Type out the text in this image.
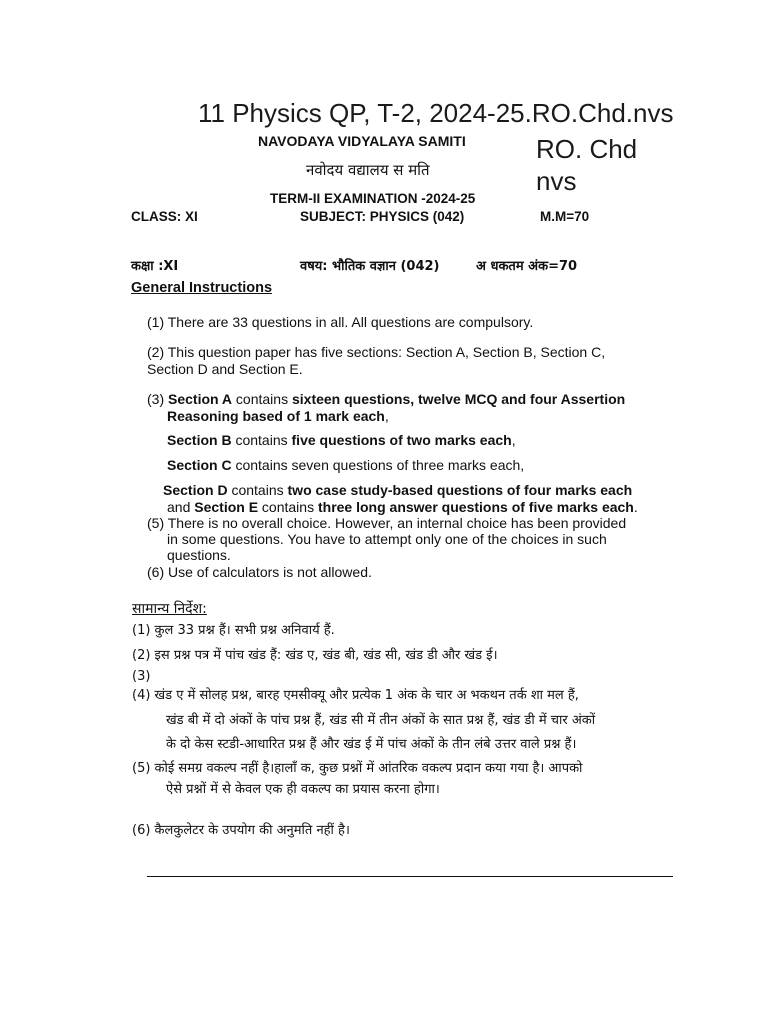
11 Physics QP, T-2, 2024-25.RO.Chd.nvs
RO. Chd
nvs
NAVODAYA VIDYALAYA SAMITI
नवोदय वद्यालय स मति
TERM-II EXAMINATION -2024-25
CLASS: XI	SUBJECT: PHYSICS (042)	M.M=70
कक्षा :XI	वषय: भौतिक वज्ञान (042)	अ धकतम अंक=70
General Instructions
(1) There are 33 questions in all. All questions are compulsory.
(2) This question paper has five sections: Section A, Section B, Section C,
Section D and Section E.
(3) Section A contains sixteen questions, twelve MCQ and four Assertion
Reasoning based of 1 mark each,
Section B contains five questions of two marks each,
Section C contains seven questions of three marks each,
Section D contains two case study-based questions of four marks each
and Section E contains three long answer questions of five marks each.
(5) There is no overall choice. However, an internal choice has been provided
in some questions. You have to attempt only one of the choices in such
questions.
(6) Use of calculators is not allowed.
सामान्य निर्देश:
(1) कुल 33 प्रश्न हैं। सभी प्रश्न अनिवार्य हैं.
(2) इस प्रश्न पत्र में पांच खंड हैं: खंड ए, खंड बी, खंड सी, खंड डी और खंड ई।
(3)
(4) खंड ए में सोलह प्रश्न, बारह एमसीक्यू और प्रत्येक 1 अंक के चार अ भकथन तर्क शा मल हैं,
खंड बी में दो अंकों के पांच प्रश्न हैं, खंड सी में तीन अंकों के सात प्रश्न हैं, खंड डी में चार अंकों
के दो केस स्टडी-आधारित प्रश्न हैं और खंड ई में पांच अंकों के तीन लंबे उत्तर वाले प्रश्न हैं।
(5) कोई समग्र वकल्प नहीं है।हालाँ क, कुछ प्रश्नों में आंतरिक वकल्प प्रदान कया गया है। आपको
ऐसे प्रश्नों में से केवल एक ही वकल्प का प्रयास करना होगा।
(6) कैलकुलेटर के उपयोग की अनुमति नहीं है।
